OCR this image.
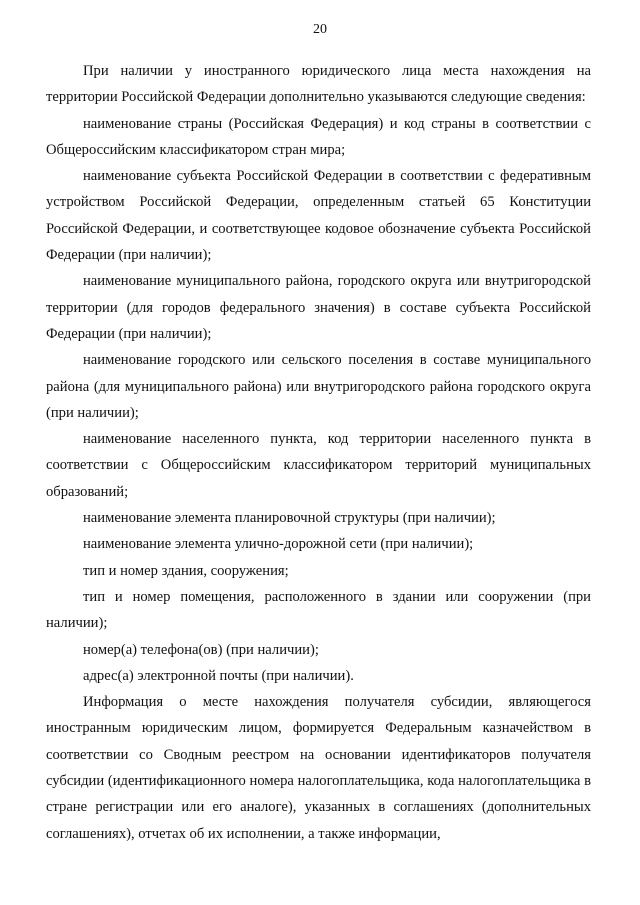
20

При наличии у иностранного юридического лица места нахождения на территории Российской Федерации дополнительно указываются следующие сведения:

наименование страны (Российская Федерация) и код страны в соответствии с Общероссийским классификатором стран мира;

наименование субъекта Российской Федерации в соответствии с федеративным устройством Российской Федерации, определенным статьей 65 Конституции Российской Федерации, и соответствующее кодовое обозначение субъекта Российской Федерации (при наличии);

наименование муниципального района, городского округа или внутригородской территории (для городов федерального значения) в составе субъекта Российской Федерации (при наличии);

наименование городского или сельского поселения в составе муниципального района (для муниципального района) или внутригородского района городского округа (при наличии);

наименование населенного пункта, код территории населенного пункта в соответствии с Общероссийским классификатором территорий муниципальных образований;

наименование элемента планировочной структуры (при наличии);

наименование элемента улично-дорожной сети (при наличии);

тип и номер здания, сооружения;

тип и номер помещения, расположенного в здании или сооружении (при наличии);

номер(а) телефона(ов) (при наличии);

адрес(а) электронной почты (при наличии).

Информация о месте нахождения получателя субсидии, являющегося иностранным юридическим лицом, формируется Федеральным казначейством в соответствии со Сводным реестром на основании идентификаторов получателя субсидии (идентификационного номера налогоплательщика, кода налогоплательщика в стране регистрации или его аналоге), указанных в соглашениях (дополнительных соглашениях), отчетах об их исполнении, а также информации,
